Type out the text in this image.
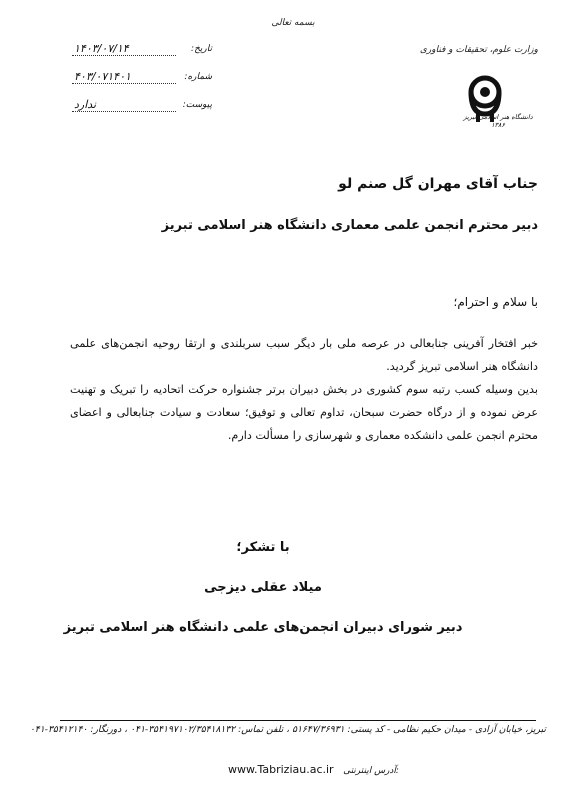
بسمه تعالی
وزارت علوم، تحقیقات و فناوری
دانشگاه هنر اسلامی تبریز
۱۳۸۶
تاریخ:
۱۴۰۳/۰۷/۱۴
شماره:
۴۰۳/۰۷۱۴۰۱
پیوست:
ندارد
جناب آقای مهران گل صنم لو
دبیر محترم انجمن علمی معماری دانشگاه هنر اسلامی تبریز
با سلام و احترام؛

خبر افتخار آفرینی جنابعالی در عرصه ملی بار دیگر سبب سربلندی و ارتقا روحیه انجمن‌های علمی دانشگاه هنر اسلامی تبریز گردید.

بدین وسیله کسب رتبه سوم کشوری در بخش دبیران برتر جشنواره حرکت اتحادیه را تبریک و تهنیت عرض نموده و از درگاه حضرت سبحان، تداوم تعالی و توفیق؛ سعادت و سیادت جنابعالی و اعضای محترم انجمن علمی دانشکده معماری و شهرسازی را مسألت دارم.

با تشکر؛
میلاد عقلی دیزجی
دبیر شورای دبیران انجمن‌های علمی دانشگاه هنر اسلامی تبریز
تبریز، خیابان آزادی - میدان حکیم نظامی - کد پستی: ۵۱۶۴۷/۳۶۹۳۱ ، تلفن تماس: ۳۵۴۱۹۷۱۰۲/۳۵۴۱۸۱۳۲-۰۴۱ ، دورنگار: ۳۵۴۱۲۱۴۰-۰۴۱
www.Tabriziau.ac.ir آدرس اینترنتی:
